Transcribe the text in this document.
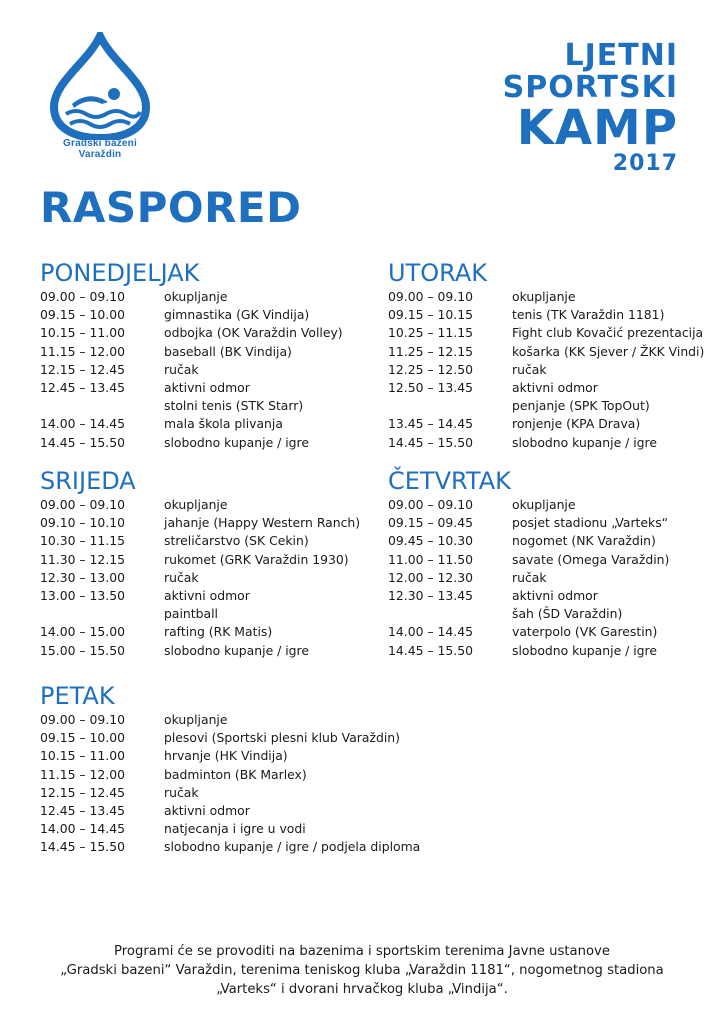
Gradski bazeni
Varaždin
LJETNI
SPORTSKI
KAMP
2017
RASPORED
PONEDJELJAK
09.00 – 09.10	okupljanje
09.15 – 10.00	gimnastika (GK Vindija)
10.15 – 11.00	odbojka (OK Varaždin Volley)
11.15 – 12.00	baseball (BK Vindija)
12.15 – 12.45	ručak
12.45 – 13.45	aktivni odmor
stolni tenis (STK Starr)
14.00 – 14.45	mala škola plivanja
14.45 – 15.50	slobodno kupanje / igre
UTORAK
09.00 – 09.10	okupljanje
09.15 – 10.15	tenis (TK Varaždin 1181)
10.25 – 11.15	Fight club Kovačić prezentacija
11.25 – 12.15	košarka (KK Sjever / ŽKK Vindi)
12.25 – 12.50	ručak
12.50 – 13.45	aktivni odmor
penjanje (SPK TopOut)
13.45 – 14.45	ronjenje (KPA Drava)
14.45 – 15.50	slobodno kupanje / igre
SRIJEDA
09.00 – 09.10	okupljanje
09.10 – 10.10	jahanje (Happy Western Ranch)
10.30 – 11.15	streličarstvo (SK Cekin)
11.30 – 12.15	rukomet (GRK Varaždin 1930)
12.30 – 13.00	ručak
13.00 – 13.50	aktivni odmor
paintball
14.00 – 15.00	rafting (RK Matis)
15.00 – 15.50	slobodno kupanje / igre
ČETVRTAK
09.00 – 09.10	okupljanje
09.15 – 09.45	posjet stadionu „Varteks“
09.45 – 10.30	nogomet (NK Varaždin)
11.00 – 11.50	savate (Omega Varaždin)
12.00 – 12.30	ručak
12.30 – 13.45	aktivni odmor
šah (ŠD Varaždin)
14.00 – 14.45	vaterpolo (VK Garestin)
14.45 – 15.50	slobodno kupanje / igre
PETAK
09.00 – 09.10	okupljanje
09.15 – 10.00	plesovi (Sportski plesni klub Varaždin)
10.15 – 11.00	hrvanje (HK Vindija)
11.15 – 12.00	badminton (BK Marlex)
12.15 – 12.45	ručak
12.45 – 13.45	aktivni odmor
14.00 – 14.45	natjecanja i igre u vodi
14.45 – 15.50	slobodno kupanje / igre / podjela diploma
Programi će se provoditi na bazenima i sportskim terenima Javne ustanove
„Gradski bazeni“ Varaždin, terenima teniskog kluba „Varaždin 1181“, nogometnog stadiona
„Varteks“ i dvorani hrvačkog kluba „Vindija“.
